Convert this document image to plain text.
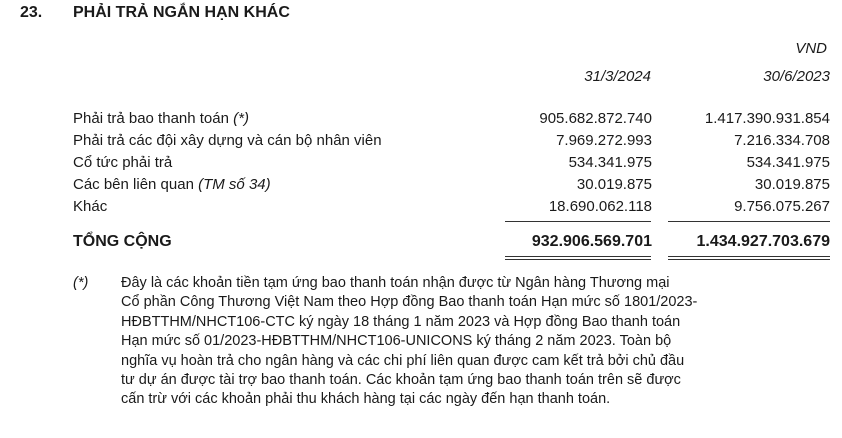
23. PHẢI TRẢ NGẮN HẠN KHÁC
VND
31/3/2024	30/6/2023
Phải trả bao thanh toán (*)	905.682.872.740	1.417.390.931.854
Phải trả các đội xây dựng và cán bộ nhân viên	7.969.272.993	7.216.334.708
Cổ tức phải trả	534.341.975	534.341.975
Các bên liên quan (TM số 34)	30.019.875	30.019.875
Khác	18.690.062.118	9.756.075.267
TỔNG CỘNG	932.906.569.701	1.434.927.703.679
(*) Đây là các khoản tiền tạm ứng bao thanh toán nhận được từ Ngân hàng Thương mại
Cổ phần Công Thương Việt Nam theo Hợp đồng Bao thanh toán Hạn mức số 1801/2023-
HĐBTTHM/NHCT106-CTC ký ngày 18 tháng 1 năm 2023 và Hợp đồng Bao thanh toán
Hạn mức số 01/2023-HĐBTTHM/NHCT106-UNICONS ký tháng 2 năm 2023. Toàn bộ
nghĩa vụ hoàn trả cho ngân hàng và các chi phí liên quan được cam kết trả bởi chủ đầu
tư dự án được tài trợ bao thanh toán. Các khoản tạm ứng bao thanh toán trên sẽ được
cấn trừ với các khoản phải thu khách hàng tại các ngày đến hạn thanh toán.
